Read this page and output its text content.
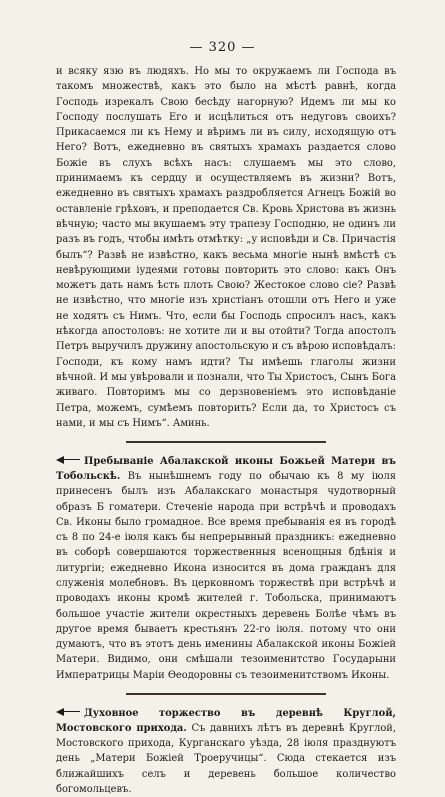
— 320 —

и всяку язю въ людяхъ. Но мы то окружаемъ ли Господа въ такомъ множествѣ, какъ это было на мѣстѣ равнѣ, когда Господь изрекалъ Свою бесѣду нагорную? Идемъ ли мы ко Господу послушать Его и исцѣлиться отъ недуговъ своихъ? Прикасаемся ли къ Нему и вѣримъ ли въ силу, исходящую отъ Него? Вотъ, ежедневно въ святыхъ храмахъ раздается слово Божіе въ слухъ всѣхъ насъ: слушаемъ мы это слово, принимаемъ къ сердцу и осуществляемъ въ жизни? Вотъ, ежедневно въ святыхъ храмахъ раздробляется Агнецъ Божій во оставленіе грѣховъ, и преподается Св. Кровь Христова въ жизнь вѣчную; часто мы вкушаемъ эту трапезу Господню, не одинъ ли разъ въ годъ, чтобы имѣть отмѣтку: „у исповѣди и Св. Причастія былъ“? Развѣ не извѣстно, какъ весьма многіе нынѣ вмѣстѣ съ невѣрующими іудеями готовы повторить это слово: какъ Онъ можетъ дать намъ ѣсть плоть Свою? Жестокое слово сіе? Развѣ не извѣстно, что многіе изъ христіанъ отошли отъ Него и уже не ходятъ съ Нимъ. Что, если бы Господь спросилъ насъ, какъ нѣкогда апостоловъ: не хотите ли и вы отойти? Тогда апостолъ Петръ выручилъ дружину апостольскую и съ вѣрою исповѣдалъ: Господи, къ кому намъ идти? Ты имѣешь глаголы жизни вѣчной. И мы увѣровали и познали, что Ты Христосъ, Сынъ Бога живаго. Повторимъ мы со дерзновеніемъ это исповѣданіе Петра, можемъ, сумѣемъ повторить? Если да, то Христосъ съ нами, и мы съ Нимъ“. Аминь.

Пребываніе Абалакской иконы Божьей Матери въ Тобольскѣ. Въ нынѣшнемъ году по обычаю къ 8 му іюля принесенъ былъ изъ Абалакскаго монастыря чудотворный образъ Б гоматери. Стеченіе народа при встрѣчѣ и проводахъ Св. Иконы было громадное. Все время пребыванія ея въ городѣ съ 8 по 24-е іюля какъ бы непрерывный праздникъ: ежедневно въ соборѣ совершаются торжественныя всенощныя бдѣнія и литургіи; ежедневно Икона износится въ дома гражданъ для служенія молебновъ. Въ церковномъ торжествѣ при встрѣчѣ и проводахъ иконы кромѣ жителей г. Тобольска, принимаютъ большое участіе жители окрестныхъ деревень Болѣе чѣмъ въ другое время бываетъ крестьянъ 22-го іюля. потому что они думаютъ, что въ этотъ день именины Абалакской иконы Божіей Матери. Видимо, они смѣшали тезоименитство Государыни Императрицы Маріи Өеодоровны съ тезоименитствомъ Иконы.

Духовное торжество въ деревнѣ Круглой, Мостовского прихода. Съ давнихъ лѣтъ въ деревнѣ Круглой, Мостовского прихода, Курганскаго уѣзда, 28 іюля празднуютъ день „Матери Божіей Троеручицы“. Сюда стекается изъ ближайшихъ селъ и деревень большое количество богомольцевъ.
